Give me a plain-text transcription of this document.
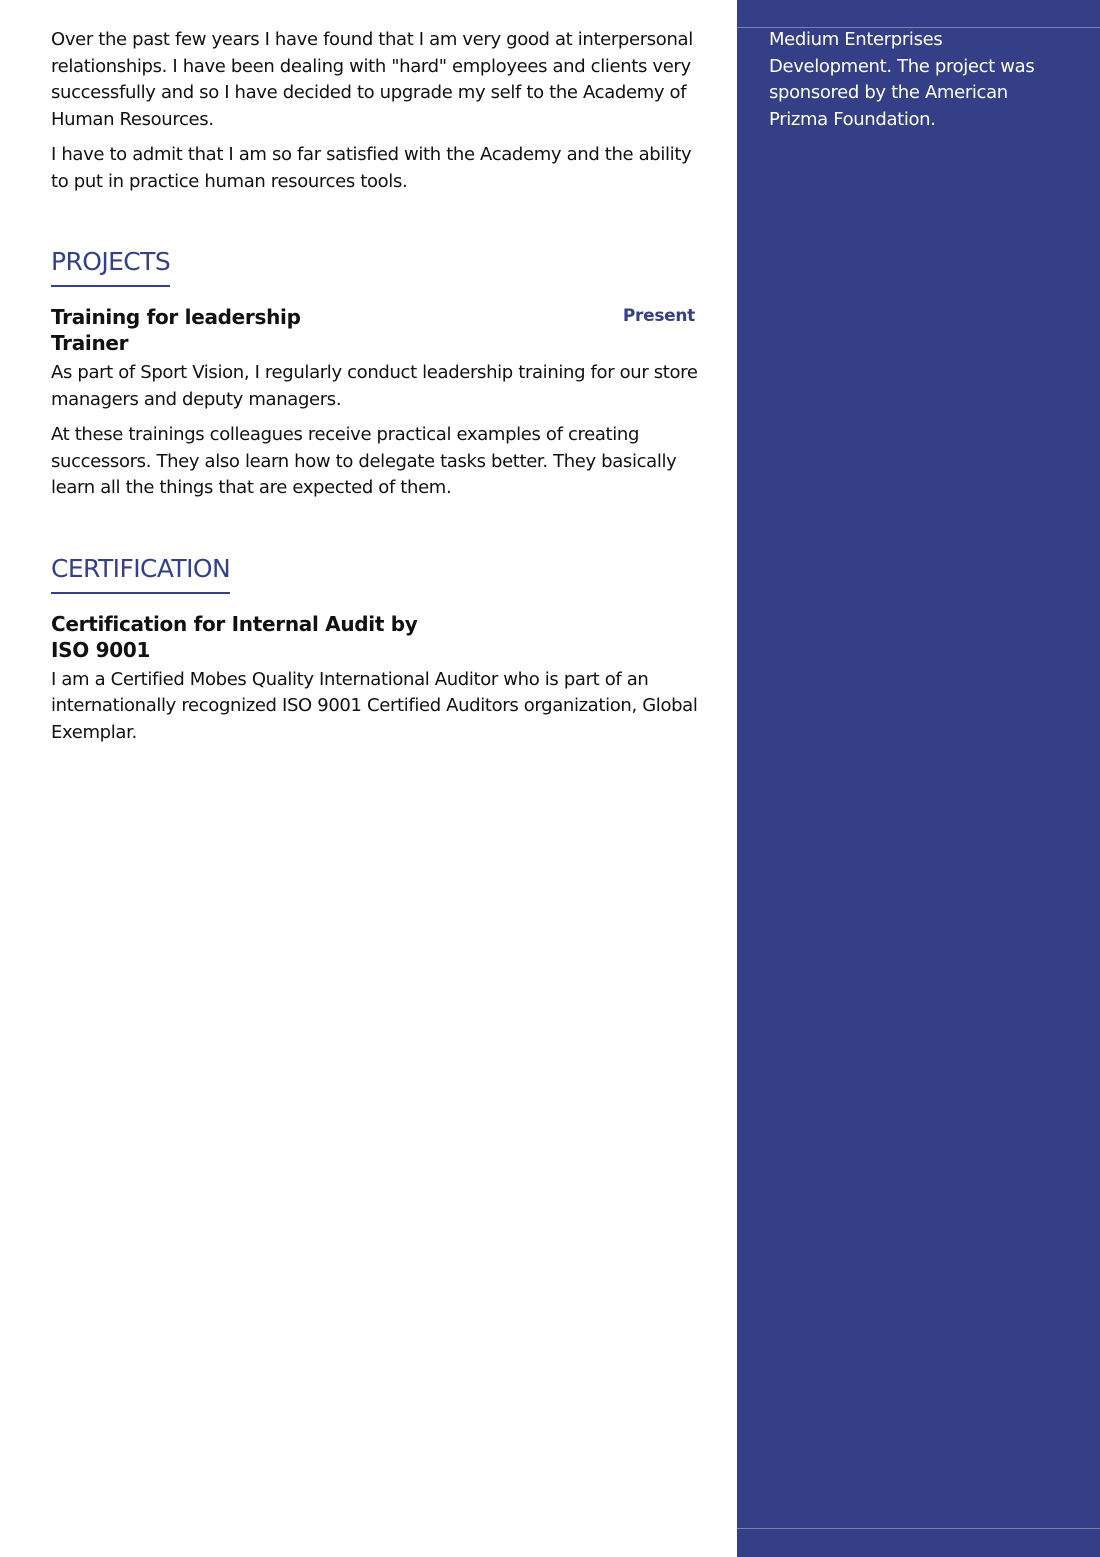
Over the past few years I have found that I am very good at interpersonal relationships. I have been dealing with "hard" employees and clients very successfully and so I have decided to upgrade my self to the Academy of Human Resources.

I have to admit that I am so far satisfied with the Academy and the ability to put in practice human resources tools.

PROJECTS
Training for leadership
Trainer
Present

As part of Sport Vision, I regularly conduct leadership training for our store managers and deputy managers.

At these trainings colleagues receive practical examples of creating successors. They also learn how to delegate tasks better. They basically learn all the things that are expected of them.

CERTIFICATION
Certification for Internal Audit by ISO 9001

I am a Certified Mobes Quality International Auditor who is part of an internationally recognized ISO 9001 Certified Auditors organization, Global Exemplar.

Medium Enterprises Development. The project was sponsored by the American Prizma Foundation.
